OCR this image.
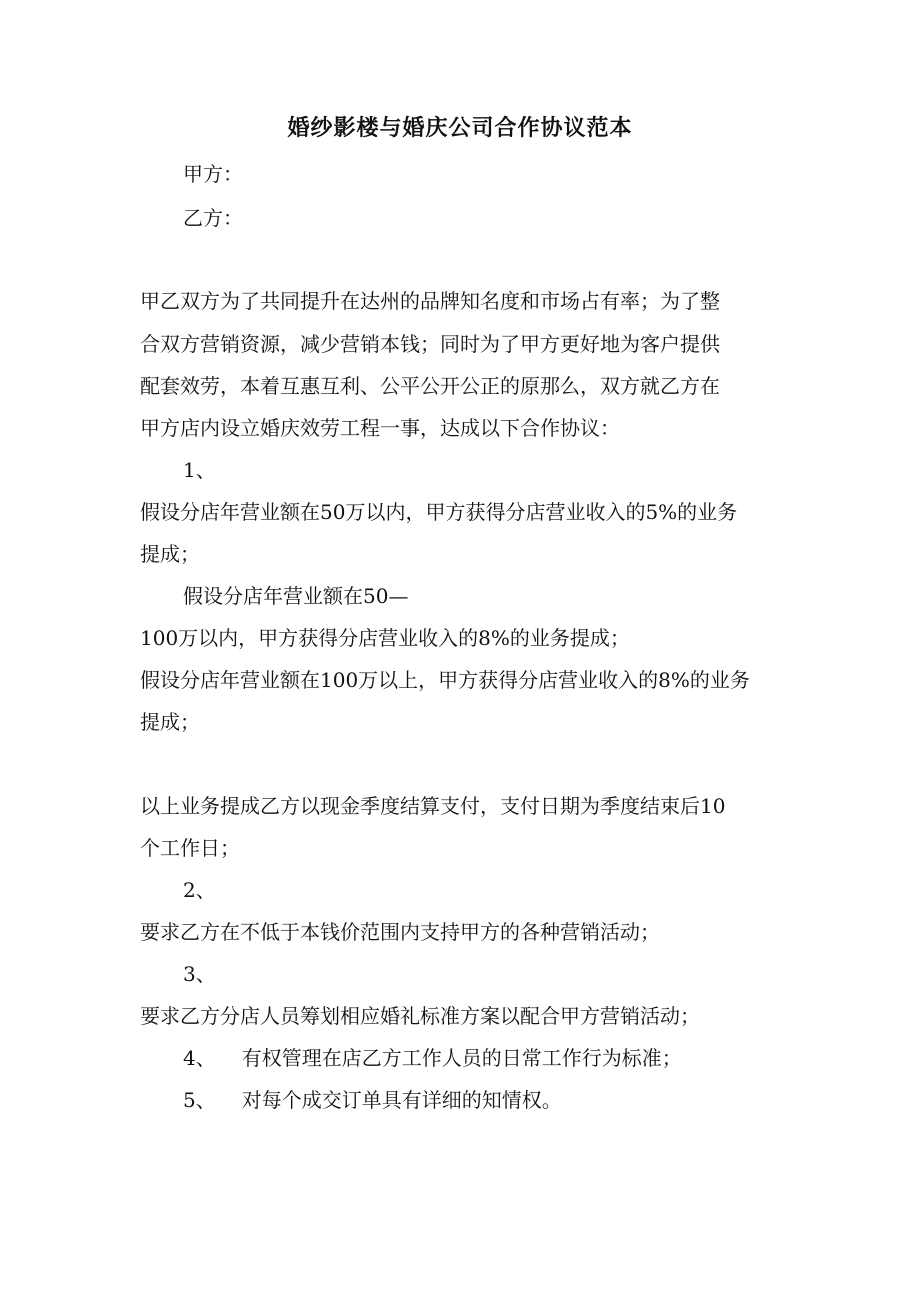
婚纱影楼与婚庆公司合作协议范本

甲方：

乙方：

甲乙双方为了共同提升在达州的品牌知名度和市场占有率；为了整

合双方营销资源，减少营销本钱；同时为了甲方更好地为客户提供

配套效劳，本着互惠互利、公平公开公正的原那么，双方就乙方在

甲方店内设立婚庆效劳工程一事，达成以下合作协议：

1、

假设分店年营业额在50万以内，甲方获得分店营业收入的5%的业务

提成；

假设分店年营业额在50—

100万以内，甲方获得分店营业收入的8%的业务提成；

假设分店年营业额在100万以上，甲方获得分店营业收入的8%的业务

提成；

以上业务提成乙方以现金季度结算支付，支付日期为季度结束后10

个工作日；

2、

要求乙方在不低于本钱价范围内支持甲方的各种营销活动；

3、

要求乙方分店人员筹划相应婚礼标准方案以配合甲方营销活动；

4、 有权管理在店乙方工作人员的日常工作行为标准；

5、 对每个成交订单具有详细的知情权。
